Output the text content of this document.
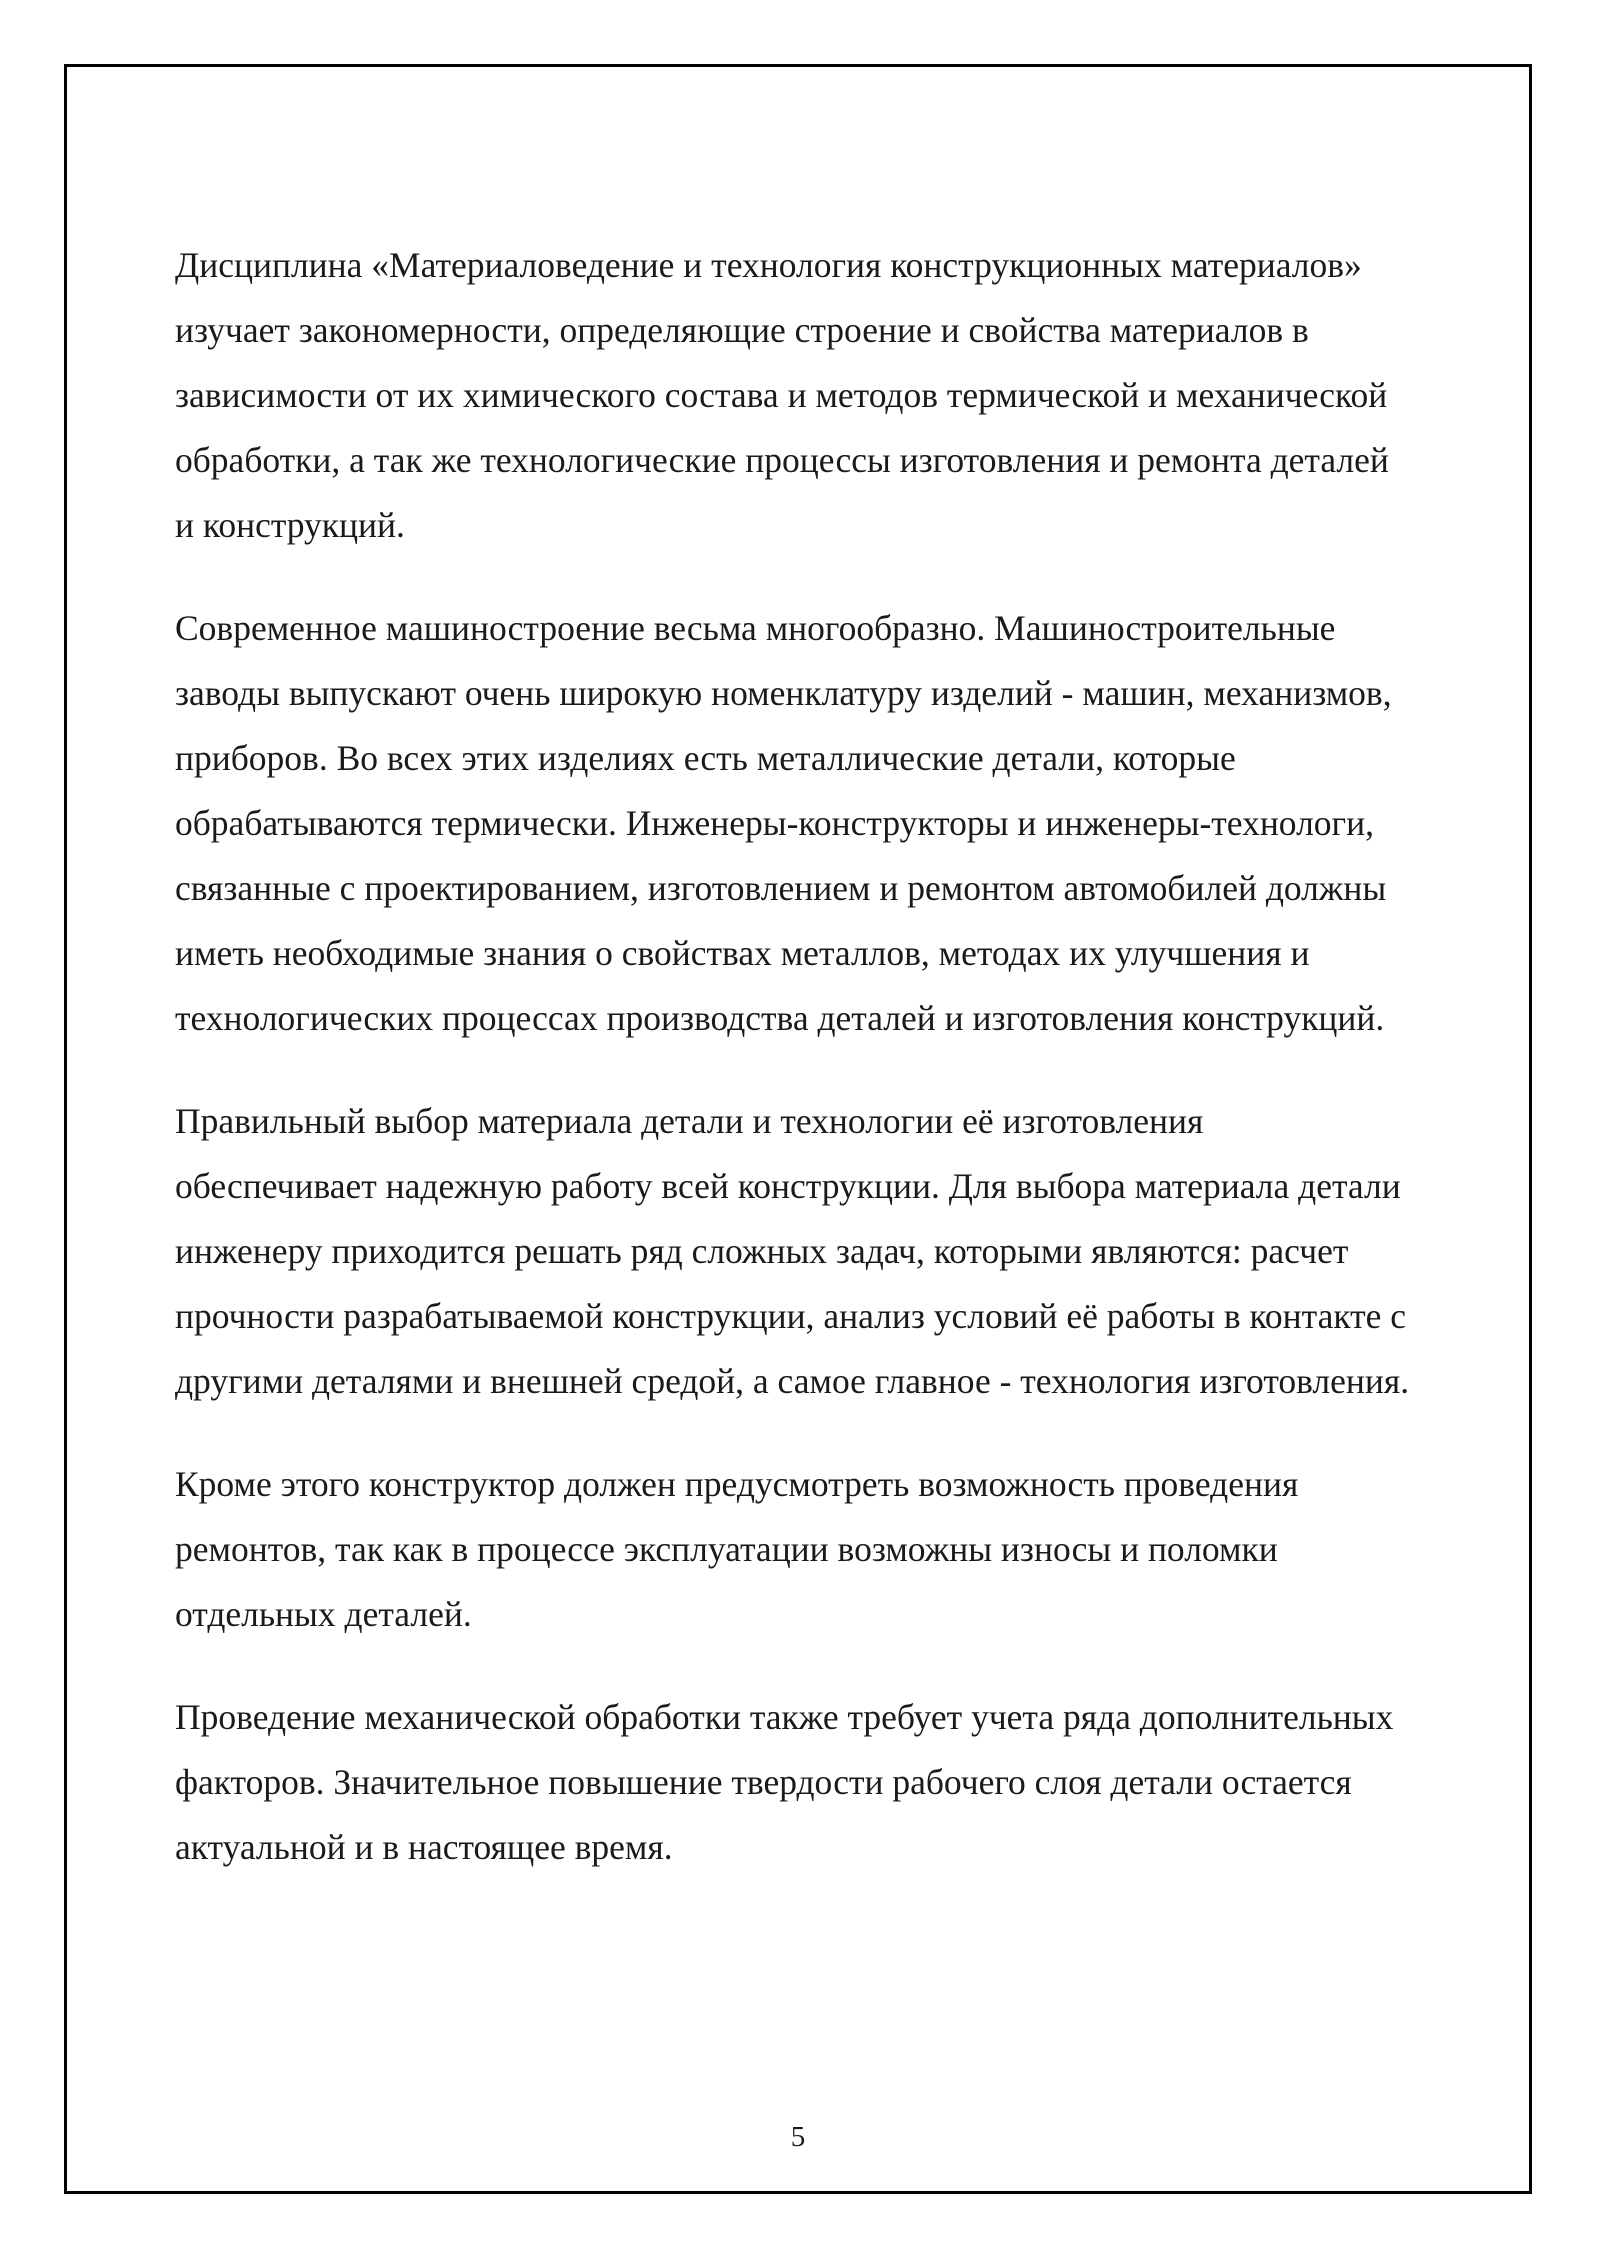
Дисциплина «Материаловедение и технология конструкционных материалов»
изучает закономерности, определяющие строение и свойства материалов в
зависимости от их химического состава и методов термической и механической
обработки, а так же технологические процессы изготовления и ремонта деталей
и конструкций.

Современное машиностроение весьма многообразно. Машиностроительные
заводы выпускают очень широкую номенклатуру изделий - машин, механизмов,
приборов. Во всех этих изделиях есть металлические детали, которые
обрабатываются термически. Инженеры-конструкторы и инженеры-технологи,
связанные с проектированием, изготовлением и ремонтом автомобилей должны
иметь необходимые знания о свойствах металлов, методах их улучшения и
технологических процессах производства деталей и изготовления конструкций.

Правильный выбор материала детали и технологии её изготовления
обеспечивает надежную работу всей конструкции. Для выбора материала детали
инженеру приходится решать ряд сложных задач, которыми являются: расчет
прочности разрабатываемой конструкции, анализ условий её работы в контакте с
другими деталями и внешней средой, а самое главное - технология изготовления.

Кроме этого конструктор должен предусмотреть возможность проведения
ремонтов, так как в процессе эксплуатации возможны износы и поломки
отдельных деталей.

Проведение механической обработки также требует учета ряда дополнительных
факторов. Значительное повышение твердости рабочего слоя детали остается
актуальной и в настоящее время.

5
